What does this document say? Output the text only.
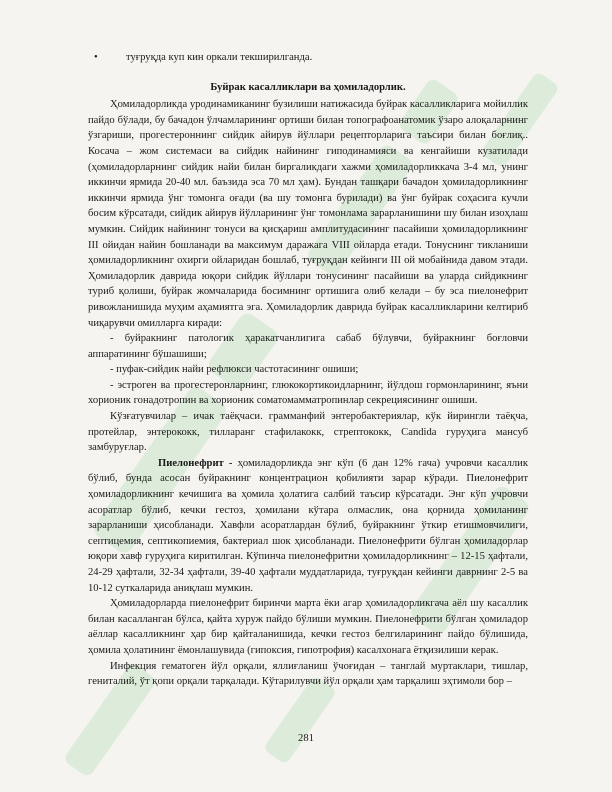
•	туғруқда куп кин оркали текширилганда.

Буйрак касалликлари ва ҳомиладорлик.

Ҳомиладорликда уродинамиканинг бузилиши натижасида буйрак касалликларига мойиллик пайдо бўлади, бу бачадон ўлчамларининг ортиши билан топографоанатомик ўзаро алоқаларнинг ўзгариши, прогестероннинг сийдик айирув йўллари рецепторларига таъсири билан боғлиқ.. Косача – жом системаси ва сийдик найининг гиподинамияси ва кенгайиши кузатилади (ҳомиладорларнинг сийдик найи билан биргаликдаги хажми ҳомиладорликкача 3-4 мл, унинг иккинчи ярмида 20-40 мл. баъзида эса 70 мл ҳам). Бундан ташқари бачадон ҳомиладорликнинг иккинчи ярмида ўнг томонга оғади (ва шу томонга бурилади) ва ўнг буйрак соҳасига кучли босим кўрсатади, сийдик айирув йўлларининг ўнг томонлама зарарланишини шу билан изоҳлаш мумкин. Сийдик найининг тонуси ва қисқариш амплитудасининг пасайиши ҳомиладорликнинг III ойидан найин бошланади ва максимум даражага VIII ойларда етади. Тонуснинг тикланиши ҳомиладорликнинг охирги ойларидан бошлаб, туғруқдан кейинги III ой мобайнида давом этади. Ҳомиладорлик даврида юқори сийдик йўллари тонусининг пасайиши ва уларда сийдикнинг туриб қолиши, буйрак жомчаларида босимнинг ортишига олиб келади – бу эса пиелонефрит ривожланишида муҳим аҳамиятга эга. Ҳомиладорлик даврида буйрак касалликларини келтириб чиқарувчи омилларга киради:

- буйракнинг патологик ҳаракатчанлигига сабаб бўлувчи, буйракнинг боғловчи аппаратининг бўшашиши;

- пуфак-сийдик найи рефлюкси частотасининг ошиши;

- эстроген ва прогестеронларнинг, глюкокортикоидларнинг, йўлдош гормонларининг, яъни хорионик гонадотропин ва хорионик соматомамматропинлар секрециясининг ошиши.

Кўзғатувчилар – ичак таёқчаси. грамманфий энтеробактериялар, кўк йирингли таёқча, протейлар, энтерококк, тилларанг стафилакокк, стрептококк, Candida гуруҳига мансуб замбуруғлар.

Пиелонефрит - ҳомиладорликда энг кўп (6 дан 12% гача) учровчи касаллик бўлиб, бунда асосан буйракнинг концентрацион қобилияти зарар кўради. Пиелонефрит ҳомиладорликнинг кечишига ва ҳомила ҳолатига салбий таъсир кўрсатади. Энг кўп учровчи асоратлар бўлиб, кечки гестоз, ҳомилани кўтара олмаслик, она қорнида ҳомиланинг зарарланиши ҳисобланади. Хавфли асоратлардан бўлиб, буйракнинг ўткир етишмовчилиги, септицемия, септикопиемия, бактериал шок ҳисобланади. Пиелонефрити бўлган ҳомиладорлар юқори хавф гуруҳига киритилган. Кўпинча пиелонефритни ҳомиладорликнинг – 12-15 ҳафтали, 24-29 ҳафтали, 32-34 ҳафтали, 39-40 ҳафтали муддатларида, туғруқдан кейинги даврнинг 2-5 ва 10-12 суткаларида аниқлаш мумкин.

Ҳомиладорларда пиелонефрит биринчи марта ёки агар ҳомиладорликгача аёл шу касаллик билан касалланган бўлса, қайта хуруж пайдо бўлиши мумкин. Пиелонефрити бўлган ҳомиладор аёллар касалликнинг ҳар бир қайталанишида, кечки гестоз белгиларининг пайдо бўлишида, ҳомила ҳолатининг ёмонлашувида (гипоксия, гипотрофия) касалхонага ётқизилиши керак.

Инфекция гематоген йўл орқали, яллиғланиш ўчоғидан – танглай муртаклари, тишлар, гениталий, ўт қопи орқали тарқалади. Кўтарилувчи йўл орқали ҳам тарқалиш эҳтимоли бор –

281
